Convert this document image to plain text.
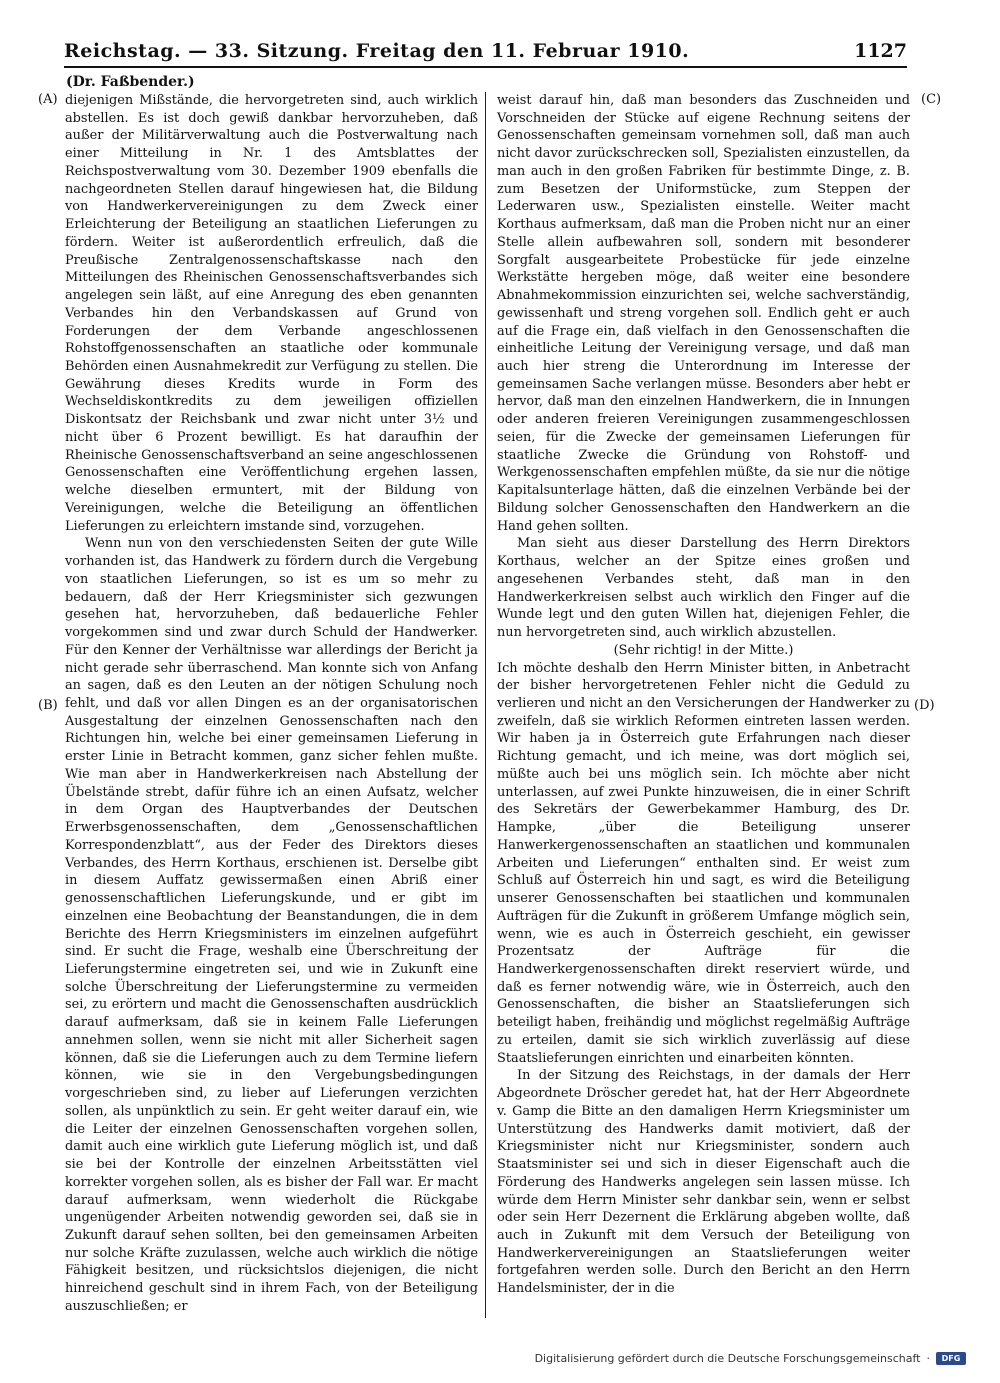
Reichstag. — 33. Sitzung. Freitag den 11. Februar 1910.	1127
(Dr. Faßbender.)
(A)
(B)
(C)
(D)

diejenigen Mißstände, die hervorgetreten sind, auch wirklich abstellen. Es ist doch gewiß dankbar hervorzuheben, daß außer der Militärverwaltung auch die Postverwaltung nach einer Mitteilung in Nr. 1 des Amtsblattes der Reichspostverwaltung vom 30. Dezember 1909 ebenfalls die nachgeordneten Stellen darauf hingewiesen hat, die Bildung von Handwerkervereinigungen zu dem Zweck einer Erleichterung der Beteiligung an staatlichen Lieferungen zu fördern. Weiter ist außerordentlich erfreulich, daß die Preußische Zentralgenossenschaftskasse nach den Mitteilungen des Rheinischen Genossenschaftsverbandes sich angelegen sein läßt, auf eine Anregung des eben genannten Verbandes hin den Verbandskassen auf Grund von Forderungen der dem Verbande angeschlossenen Rohstoffgenossenschaften an staatliche oder kommunale Behörden einen Ausnahmekredit zur Verfügung zu stellen. Die Gewährung dieses Kredits wurde in Form des Wechseldiskontkredits zu dem jeweiligen offiziellen Diskontsatz der Reichsbank und zwar nicht unter 3½ und nicht über 6 Prozent bewilligt. Es hat daraufhin der Rheinische Genossenschaftsverband an seine angeschlossenen Genossenschaften eine Veröffentlichung ergehen lassen, welche dieselben ermuntert, mit der Bildung von Vereinigungen, welche die Beteiligung an öffentlichen Lieferungen zu erleichtern imstande sind, vorzugehen.

Wenn nun von den verschiedensten Seiten der gute Wille vorhanden ist, das Handwerk zu fördern durch die Vergebung von staatlichen Lieferungen, so ist es um so mehr zu bedauern, daß der Herr Kriegsminister sich gezwungen gesehen hat, hervorzuheben, daß bedauerliche Fehler vorgekommen sind und zwar durch Schuld der Handwerker. Für den Kenner der Verhältnisse war allerdings der Bericht ja nicht gerade sehr überraschend. Man konnte sich von Anfang an sagen, daß es den Leuten an der nötigen Schulung noch fehlt, und daß vor allen Dingen es an der organisatorischen Ausgestaltung der einzelnen Genossenschaften nach den Richtungen hin, welche bei einer gemeinsamen Lieferung in erster Linie in Betracht kommen, ganz sicher fehlen mußte. Wie man aber in Handwerkerkreisen nach Abstellung der Übelstände strebt, dafür führe ich an einen Aufsatz, welcher in dem Organ des Hauptverbandes der Deutschen Erwerbsgenossenschaften, dem „Genossenschaftlichen Korrespondenzblatt“, aus der Feder des Direktors dieses Verbandes, des Herrn Korthaus, erschienen ist. Derselbe gibt in diesem Auffatz gewissermaßen einen Abriß einer genossenschaftlichen Lieferungskunde, und er gibt im einzelnen eine Beobachtung der Beanstandungen, die in dem Berichte des Herrn Kriegsministers im einzelnen aufgeführt sind. Er sucht die Frage, weshalb eine Überschreitung der Lieferungstermine eingetreten sei, und wie in Zukunft eine solche Überschreitung der Lieferungstermine zu vermeiden sei, zu erörtern und macht die Genossenschaften ausdrücklich darauf aufmerksam, daß sie in keinem Falle Lieferungen annehmen sollen, wenn sie nicht mit aller Sicherheit sagen können, daß sie die Lieferungen auch zu dem Termine liefern können, wie sie in den Vergebungsbedingungen vorgeschrieben sind, zu lieber auf Lieferungen verzichten sollen, als unpünktlich zu sein. Er geht weiter darauf ein, wie die Leiter der einzelnen Genossenschaften vorgehen sollen, damit auch eine wirklich gute Lieferung möglich ist, und daß sie bei der Kontrolle der einzelnen Arbeitsstätten viel korrekter vorgehen sollen, als es bisher der Fall war. Er macht darauf aufmerksam, wenn wiederholt die Rückgabe ungenügender Arbeiten notwendig geworden sei, daß sie in Zukunft darauf sehen sollten, bei den gemeinsamen Arbeiten nur solche Kräfte zuzulassen, welche auch wirklich die nötige Fähigkeit besitzen, und rücksichtslos diejenigen, die nicht hinreichend geschult sind in ihrem Fach, von der Beteiligung auszuschließen; er

weist darauf hin, daß man besonders das Zuschneiden und Vorschneiden der Stücke auf eigene Rechnung seitens der Genossenschaften gemeinsam vornehmen soll, daß man auch nicht davor zurückschrecken soll, Spezialisten einzustellen, da man auch in den großen Fabriken für bestimmte Dinge, z. B. zum Besetzen der Uniformstücke, zum Steppen der Lederwaren usw., Spezialisten einstelle. Weiter macht Korthaus aufmerksam, daß man die Proben nicht nur an einer Stelle allein aufbewahren soll, sondern mit besonderer Sorgfalt ausgearbeitete Probestücke für jede einzelne Werkstätte hergeben möge, daß weiter eine besondere Abnahmekommission einzurichten sei, welche sachverständig, gewissenhaft und streng vorgehen soll. Endlich geht er auch auf die Frage ein, daß vielfach in den Genossenschaften die einheitliche Leitung der Vereinigung versage, und daß man auch hier streng die Unterordnung im Interesse der gemeinsamen Sache verlangen müsse. Besonders aber hebt er hervor, daß man den einzelnen Handwerkern, die in Innungen oder anderen freieren Vereinigungen zusammengeschlossen seien, für die Zwecke der gemeinsamen Lieferungen für staatliche Zwecke die Gründung von Rohstoff- und Werkgenossenschaften empfehlen müßte, da sie nur die nötige Kapitalsunterlage hätten, daß die einzelnen Verbände bei der Bildung solcher Genossenschaften den Handwerkern an die Hand gehen sollten.

Man sieht aus dieser Darstellung des Herrn Direktors Korthaus, welcher an der Spitze eines großen und angesehenen Verbandes steht, daß man in den Handwerkerkreisen selbst auch wirklich den Finger auf die Wunde legt und den guten Willen hat, diejenigen Fehler, die nun hervorgetreten sind, auch wirklich abzustellen.

(Sehr richtig! in der Mitte.)

Ich möchte deshalb den Herrn Minister bitten, in Anbetracht der bisher hervorgetretenen Fehler nicht die Geduld zu verlieren und nicht an den Versicherungen der Handwerker zu zweifeln, daß sie wirklich Reformen eintreten lassen werden. Wir haben ja in Österreich gute Erfahrungen nach dieser Richtung gemacht, und ich meine, was dort möglich sei, müßte auch bei uns möglich sein. Ich möchte aber nicht unterlassen, auf zwei Punkte hinzuweisen, die in einer Schrift des Sekretärs der Gewerbekammer Hamburg, des Dr. Hampke, „über die Beteiligung unserer Hanwerkergenossenschaften an staatlichen und kommunalen Arbeiten und Lieferungen“ enthalten sind. Er weist zum Schluß auf Österreich hin und sagt, es wird die Beteiligung unserer Genossenschaften bei staatlichen und kommunalen Aufträgen für die Zukunft in größerem Umfange möglich sein, wenn, wie es auch in Österreich geschieht, ein gewisser Prozentsatz der Aufträge für die Handwerkergenossenschaften direkt reserviert würde, und daß es ferner notwendig wäre, wie in Österreich, auch den Genossenschaften, die bisher an Staatslieferungen sich beteiligt haben, freihändig und möglichst regelmäßig Aufträge zu erteilen, damit sie sich wirklich zuverlässig auf diese Staatslieferungen einrichten und einarbeiten könnten.

In der Sitzung des Reichstags, in der damals der Herr Abgeordnete Dröscher geredet hat, hat der Herr Abgeordnete v. Gamp die Bitte an den damaligen Herrn Kriegsminister um Unterstützung des Handwerks damit motiviert, daß der Kriegsminister nicht nur Kriegsminister, sondern auch Staatsminister sei und sich in dieser Eigenschaft auch die Förderung des Handwerks angelegen sein lassen müsse. Ich würde dem Herrn Minister sehr dankbar sein, wenn er selbst oder sein Herr Dezernent die Erklärung abgeben wollte, daß auch in Zukunft mit dem Versuch der Beteiligung von Handwerkervereinigungen an Staatslieferungen weiter fortgefahren werden solle. Durch den Bericht an den Herrn Handelsminister, der in die

Digitalisierung gefördert durch die Deutsche Forschungsgemeinschaft ·	DFG
